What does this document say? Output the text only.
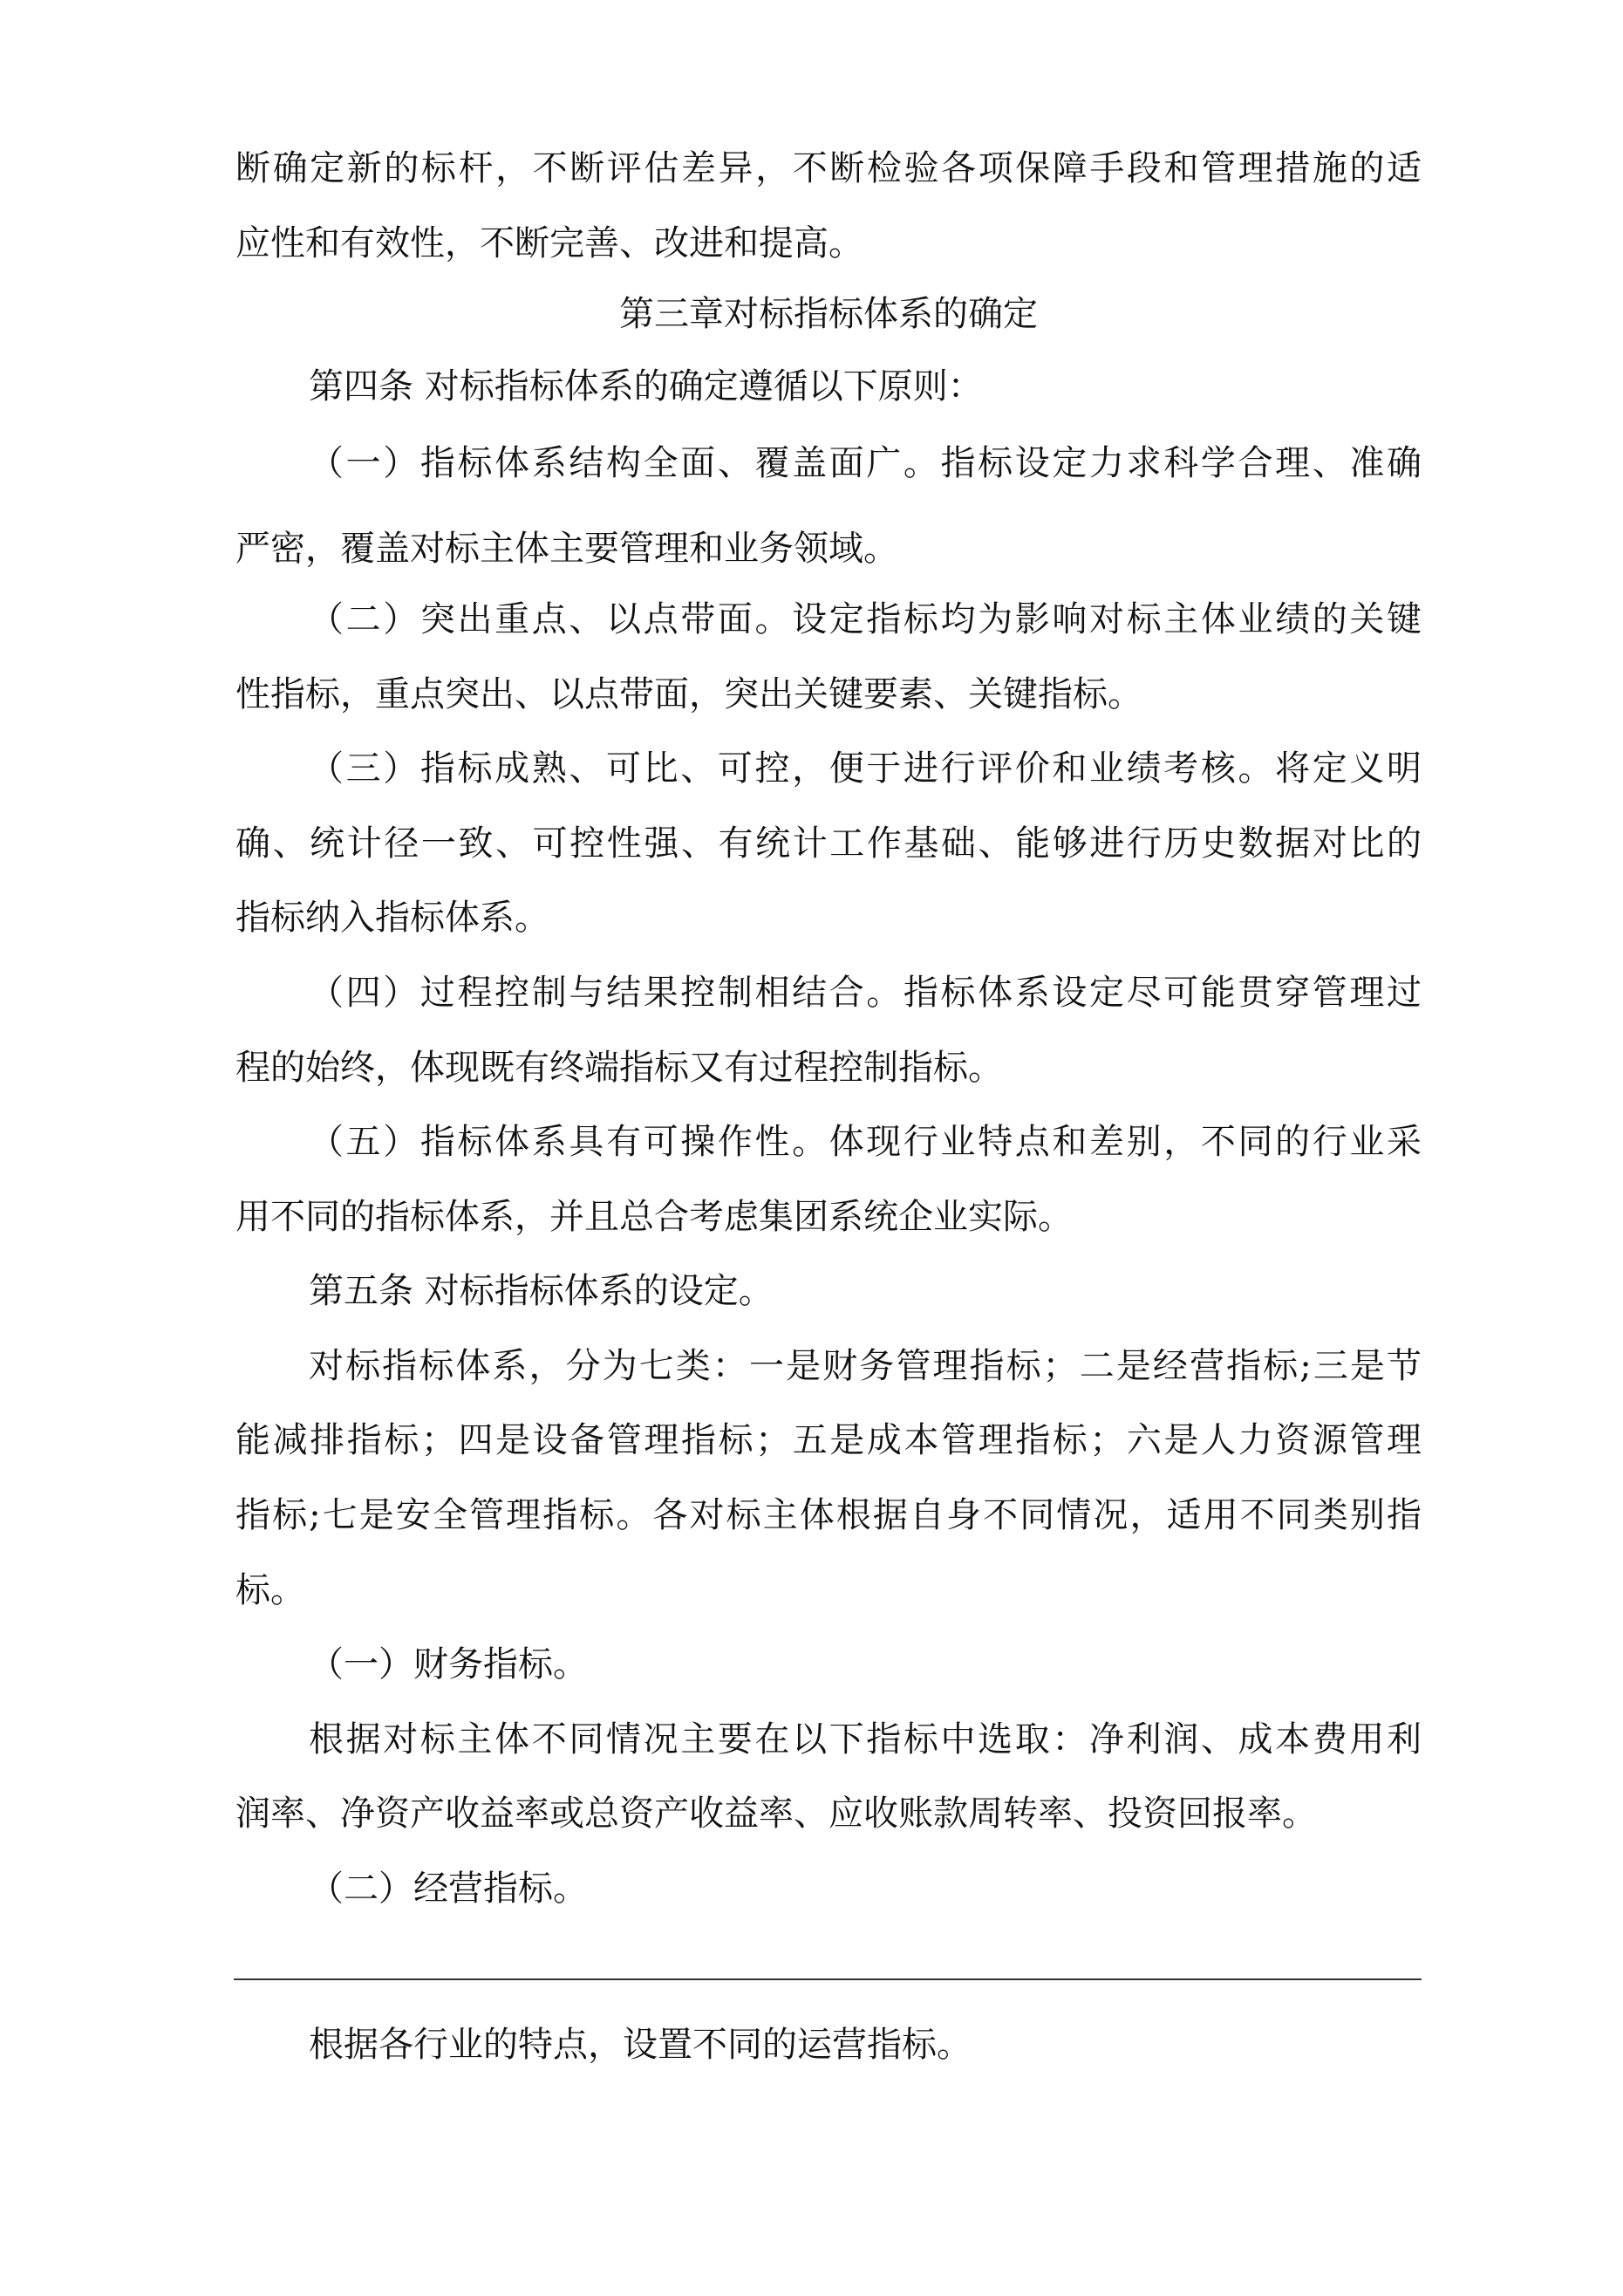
断确定新的标杆，不断评估差异，不断检验各项保障手段和管理措施的适
应性和有效性，不断完善、改进和提高。
第三章对标指标体系的确定
第四条 对标指标体系的确定遵循以下原则：
（一）指标体系结构全面、覆盖面广。指标设定力求科学合理、准确
严密，覆盖对标主体主要管理和业务领域。
（二）突出重点、以点带面。设定指标均为影响对标主体业绩的关键
性指标，重点突出、以点带面，突出关键要素、关键指标。
（三）指标成熟、可比、可控，便于进行评价和业绩考核。将定义明
确、统计径一致、可控性强、有统计工作基础、能够进行历史数据对比的
指标纳入指标体系。
（四）过程控制与结果控制相结合。指标体系设定尽可能贯穿管理过
程的始终，体现既有终端指标又有过程控制指标。
（五）指标体系具有可操作性。体现行业特点和差别，不同的行业采
用不同的指标体系，并且总合考虑集团系统企业实际。
第五条 对标指标体系的设定。
对标指标体系，分为七类：一是财务管理指标；二是经营指标;三是节
能减排指标；四是设备管理指标；五是成本管理指标；六是人力资源管理
指标;七是安全管理指标。各对标主体根据自身不同情况，适用不同类别指
标。
（一）财务指标。
根据对标主体不同情况主要在以下指标中选取：净利润、成本费用利
润率、净资产收益率或总资产收益率、应收账款周转率、投资回报率。
（二）经营指标。
根据各行业的特点，设置不同的运营指标。
